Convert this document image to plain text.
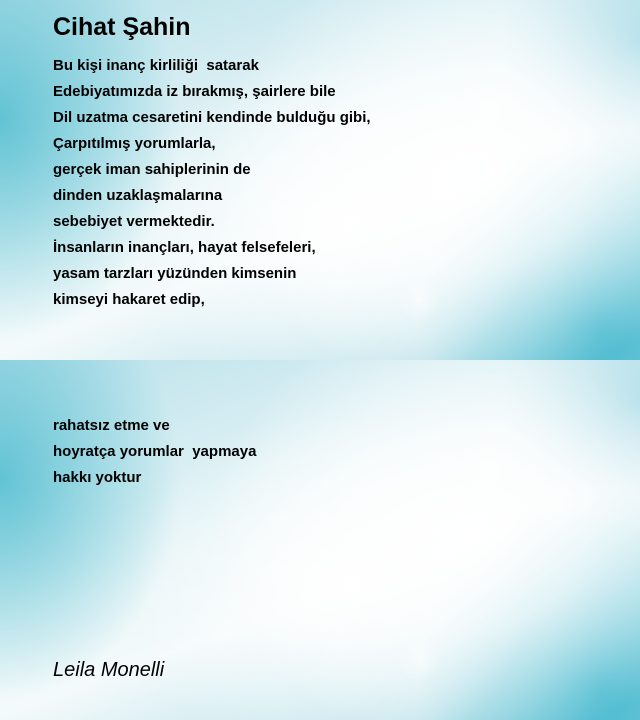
Cihat Şahin
Bu kişi inanç kirliliği  satarak
Edebiyatımızda iz bırakmış, şairlere bile
Dil uzatma cesaretini kendinde bulduğu gibi,
Çarpıtılmış yorumlarla,
gerçek iman sahiplerinin de
dinden uzaklaşmalarına
sebebiyet vermektedir.
İnsanların inançları, hayat felsefeleri,
yasam tarzları yüzünden kimsenin
kimseyi hakaret edip,
rahatsız etme ve
hoyratça yorumlar  yapmaya
hakkı yoktur
Leila Monelli
